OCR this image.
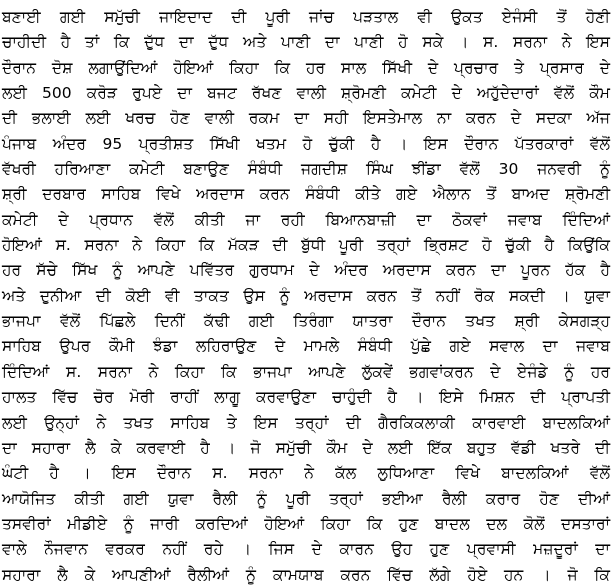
ਬਣਾਈ ਗਈ ਸਮੁੱਚੀ ਜਾਇਦਾਦ ਦੀ ਪੂਰੀ ਜਾਂਚ ਪੜਤਾਲ ਵੀ ਉਕਤ ਏਜੰਸੀ ਤੋਂ ਹੋਣੀ
ਚਾਹੀਦੀ ਹੈ ਤਾਂ ਕਿ ਦੁੱਧ ਦਾ ਦੁੱਧ ਅਤੇ ਪਾਣੀ ਦਾ ਪਾਣੀ ਹੋ ਸਕੇ । ਸ. ਸਰਨਾ ਨੇ ਇਸ
ਦੌਰਾਨ ਦੋਸ਼ ਲਗਾਉਂਦਿਆਂ ਹੋਇਆਂ ਕਿਹਾ ਕਿ ਹਰ ਸਾਲ ਸਿੱਖੀ ਦੇ ਪ੍ਰਚਾਰ ਤੇ ਪ੍ਰਸਾਰ ਦੇ
ਲਈ 500 ਕਰੋੜ ਰੁਪਏ ਦਾ ਬਜਟ ਰੱਖਣ ਵਾਲੀ ਸ਼੍ਰੋਮਣੀ ਕਮੇਟੀ ਦੇ ਅਹੁੱਦੇਦਾਰਾਂ ਵੱਲੋਂ ਕੌਮ
ਦੀ ਭਲਾਈ ਲਈ ਖਰਚ ਹੋਣ ਵਾਲੀ ਰਕਮ ਦਾ ਸਹੀ ਇਸਤੇਮਾਲ ਨਾ ਕਰਨ ਦੇ ਸਦਕਾ ਅੱਜ
ਪੰਜਾਬ ਅੰਦਰ 95 ਪ੍ਰਤੀਸ਼ਤ ਸਿੱਖੀ ਖਤਮ ਹੋ ਚੁੱਕੀ ਹੈ । ਇਸ ਦੌਰਾਨ ਪੱਤਰਕਾਰਾਂ ਵੱਲੋਂ
ਵੱਖਰੀ ਹਰਿਆਣਾ ਕਮੇਟੀ ਬਣਾਉਣ ਸੰਬੰਧੀ ਜਗਦੀਸ਼ ਸਿੰਘ ਝੀਂਡਾ ਵੱਲੋਂ 30 ਜਨਵਰੀ ਨੂੰ
ਸ਼੍ਰੀ ਦਰਬਾਰ ਸਾਹਿਬ ਵਿਖੇ ਅਰਦਾਸ ਕਰਨ ਸੰਬੰਧੀ ਕੀਤੇ ਗਏ ਐਲਾਨ ਤੋਂ ਬਾਅਦ ਸ਼੍ਰੋਮਣੀ
ਕਮੇਟੀ ਦੇ ਪ੍ਰਧਾਨ ਵੱਲੋਂ ਕੀਤੀ ਜਾ ਰਹੀ ਬਿਆਨਬਾਜ਼ੀ ਦਾ ਠੋਕਵਾਂ ਜਵਾਬ ਦਿੰਦਿਆਂ
ਹੋਇਆਂ ਸ. ਸਰਨਾ ਨੇ ਕਿਹਾ ਕਿ ਮੱਕੜ ਦੀ ਬੁੱਧੀ ਪੂਰੀ ਤਰ੍ਹਾਂ ਭ੍ਰਿਸ਼ਟ ਹੋ ਚੁੱਕੀ ਹੈ ਕਿਉਂਕਿ
ਹਰ ਸੱਚੇ ਸਿੱਖ ਨੂੰ ਆਪਣੇ ਪਵਿੱਤਰ ਗੁਰਧਾਮ ਦੇ ਅੰਦਰ ਅਰਦਾਸ ਕਰਨ ਦਾ ਪੂਰਨ ਹੱਕ ਹੈ
ਅਤੇ ਦੁਨੀਆ ਦੀ ਕੋਈ ਵੀ ਤਾਕਤ ਉਸ ਨੂੰ ਅਰਦਾਸ ਕਰਨ ਤੋਂ ਨਹੀਂ ਰੋਕ ਸਕਦੀ । ਯੁਵਾ
ਭਾਜਪਾ ਵੱਲੋਂ ਪਿੱਛਲੇ ਦਿਨੀਂ ਕੱਢੀ ਗਈ ਤਿਰੰਗਾ ਯਾਤਰਾ ਦੌਰਾਨ ਤਖਤ ਸ਼੍ਰੀ ਕੇਸਗੜ੍ਹ
ਸਾਹਿਬ ਉਪਰ ਕੌਮੀ ਝੰਡਾ ਲਹਿਰਾਉਣ ਦੇ ਮਾਮਲੇ ਸੰਬੰਧੀ ਪੁੱਛੇ ਗਏ ਸਵਾਲ ਦਾ ਜਵਾਬ
ਦਿੰਦਿਆਂ ਸ. ਸਰਨਾ ਨੇ ਕਿਹਾ ਕਿ ਭਾਜਪਾ ਆਪਣੇ ਲੁੱਕਵੇਂ ਭਗਵਾਂਕਰਨ ਦੇ ਏਜੰਡੇ ਨੂੰ ਹਰ
ਹਾਲਤ ਵਿੱਚ ਚੋਰ ਮੋਰੀ ਰਾਹੀਂ ਲਾਗੂ ਕਰਵਾਉਣਾ ਚਾਹੁੰਦੀ ਹੈ । ਇਸੇ ਮਿਸ਼ਨ ਦੀ ਪ੍ਰਾਪਤੀ
ਲਈ ਉਨ੍ਹਾਂ ਨੇ ਤਖਤ ਸਾਹਿਬ ਤੇ ਇਸ ਤਰ੍ਹਾਂ ਦੀ ਗੈਰਕਿਕਲਾਕੀ ਕਾਰਵਾਈ ਬਾਦਲਕਿਆਂ
ਦਾ ਸਹਾਰਾ ਲੈ ਕੇ ਕਰਵਾਈ ਹੈ । ਜੋ ਸਮੁੱਚੀ ਕੌਮ ਦੇ ਲਈ ਇੱਕ ਬਹੁਤ ਵੱਡੀ ਖਤਰੇ ਦੀ
ਘੰਟੀ ਹੈ । ਇਸ ਦੌਰਾਨ ਸ. ਸਰਨਾ ਨੇ ਕੱਲ ਲੁਧਿਆਣਾ ਵਿਖੇ ਬਾਦਲਕਿਆਂ ਵੱਲੋਂ
ਆਯੋਜਿਤ ਕੀਤੀ ਗਈ ਯੁਵਾ ਰੈਲੀ ਨੂੰ ਪੂਰੀ ਤਰ੍ਹਾਂ ਭਈਆ ਰੈਲੀ ਕਰਾਰ ਹੋਣ ਦੀਆਂ
ਤਸਵੀਰਾਂ ਮੀਡੀਏ ਨੂੰ ਜਾਰੀ ਕਰਦਿਆਂ ਹੋਇਆਂ ਕਿਹਾ ਕਿ ਹੁਣ ਬਾਦਲ ਦਲ ਕੋਲੋਂ ਦਸਤਾਰਾਂ
ਵਾਲੇ ਨੌਜਵਾਨ ਵਰਕਰ ਨਹੀਂ ਰਹੇ । ਜਿਸ ਦੇ ਕਾਰਨ ਉਹ ਹੁਣ ਪ੍ਰਵਾਸੀ ਮਜ਼ਦੂਰਾਂ ਦਾ
ਸਹਾਰਾ ਲੈ ਕੇ ਆਪਣੀਆਂ ਰੈਲੀਆਂ ਨੂੰ ਕਾਮਯਾਬ ਕਰਨ ਵਿੱਚ ਲੱਗੇ ਹੋਏ ਹਨ । ਜੋ ਕਿ
